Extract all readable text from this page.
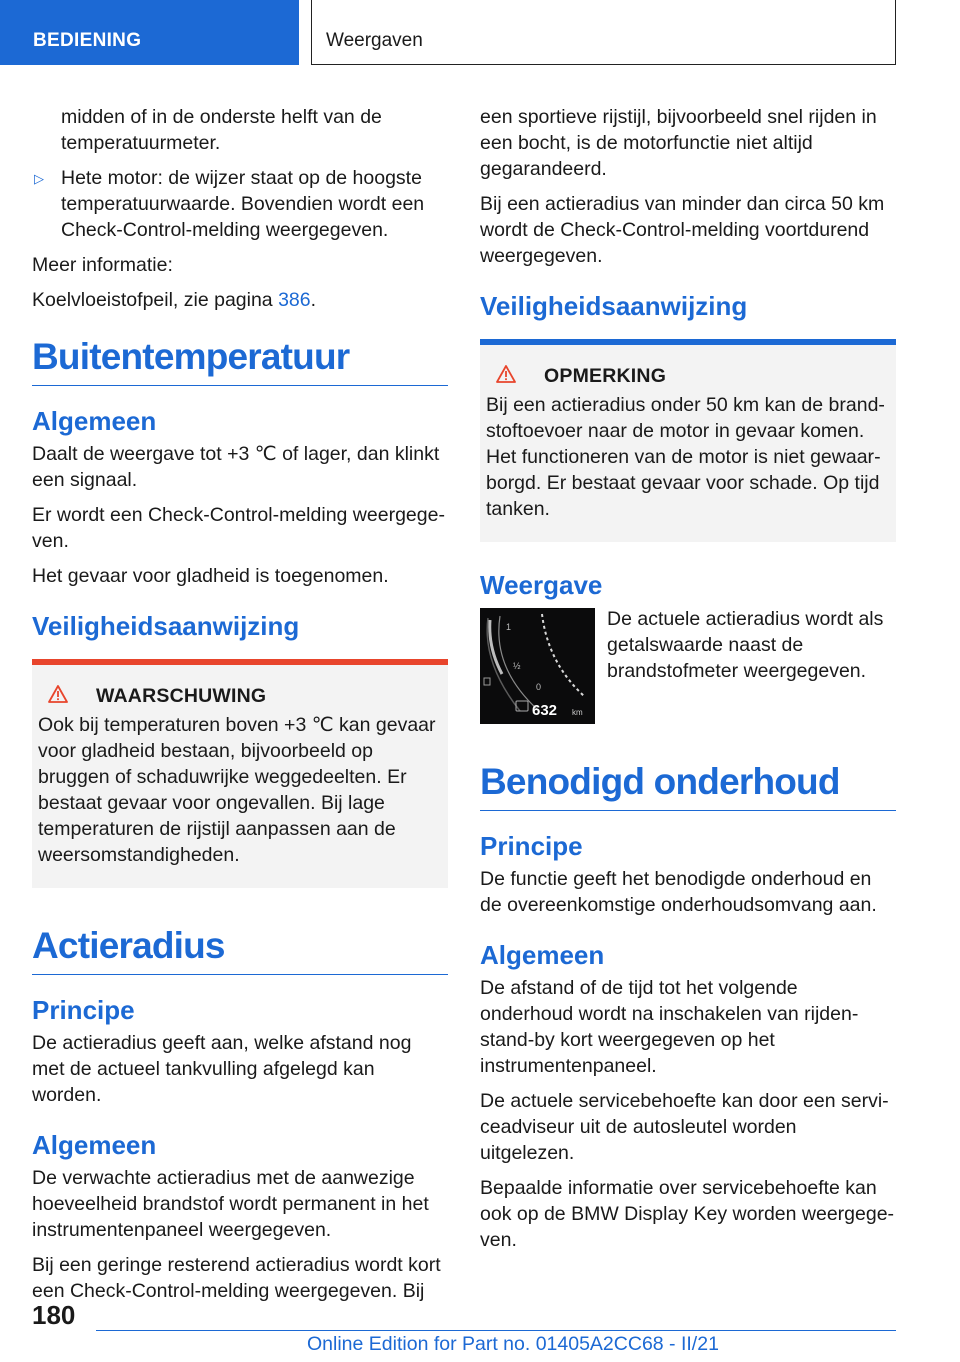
BEDIENING	Weergaven

midden of in de onderste helft van de temperatuurmeter.

▷ Hete motor: de wijzer staat op de hoogste temperatuurwaarde. Bovendien wordt een Check-Control-melding weergegeven.

Meer informatie:

Koelvloeistofpeil, zie pagina 386.

Buitentemperatuur
Algemeen

Daalt de weergave tot +3 ℃ of lager, dan klinkt een signaal.

Er wordt een Check-Control-melding weergegeven.

Het gevaar voor gladheid is toegenomen.

Veiligheidsaanwijzing
WAARSCHUWING

Ook bij temperaturen boven +3 ℃ kan gevaar voor gladheid bestaan, bijvoorbeeld op bruggen of schaduwrijke weggedeelten. Er bestaat gevaar voor ongevallen. Bij lage temperaturen de rijstijl aanpassen aan de weersomstandigheden.

Actieradius
Principe

De actieradius geeft aan, welke afstand nog met de actueel tankvulling afgelegd kan worden.

Algemeen

De verwachte actieradius met de aanwezige hoeveelheid brandstof wordt permanent in het instrumentenpaneel weergegeven.

Bij een geringe resterend actieradius wordt kort een Check-Control-melding weergegeven. Bij

een sportieve rijstijl, bijvoorbeeld snel rijden in een bocht, is de motorfunctie niet altijd gegarandeerd.

Bij een actieradius van minder dan circa 50 km wordt de Check-Control-melding voortdurend weergegeven.

Veiligheidsaanwijzing
OPMERKING

Bij een actieradius onder 50 km kan de brandstoftoevoer naar de motor in gevaar komen. Het functioneren van de motor is niet gewaarborgd. Er bestaat gevaar voor schade. Op tijd tanken.

Weergave
1
½
0
632 km

De actuele actieradius wordt als getalswaarde naast de brandstofmeter weergegeven.

Benodigd onderhoud
Principe

De functie geeft het benodigde onderhoud en de overeenkomstige onderhoudsomvang aan.

Algemeen

De afstand of de tijd tot het volgende onderhoud wordt na inschakelen van rijden-stand-by kort weergegeven op het instrumentenpaneel.

De actuele servicebehoefte kan door een serviceadviseur uit de autosleutel worden uitgelezen.

Bepaalde informatie over servicebehoefte kan ook op de BMW Display Key worden weergegeven.

180
Online Edition for Part no. 01405A2CC68 - II/21
